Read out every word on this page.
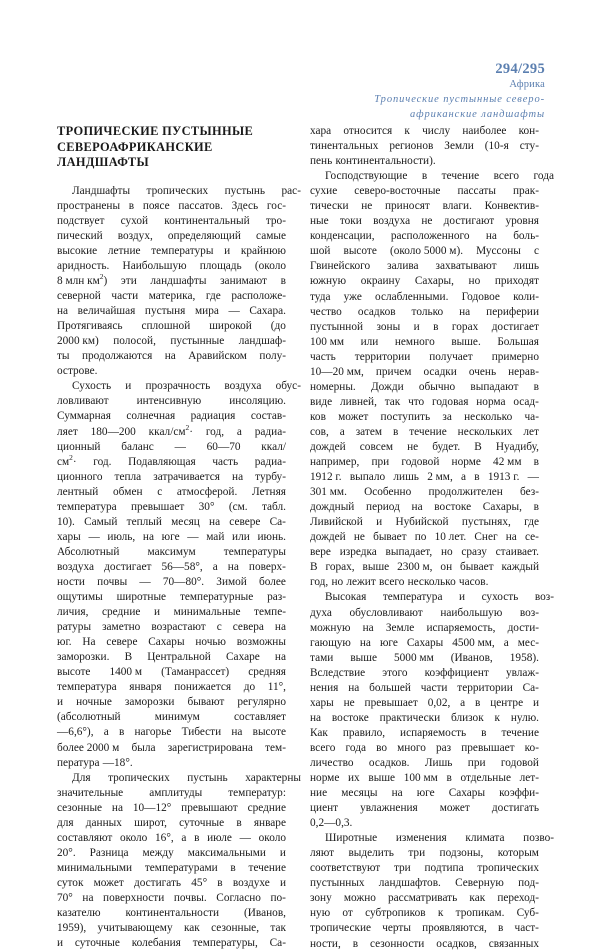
294/295
Африка
Тропические пустынные северо-
африканские ландшафты
ТРОПИЧЕСКИЕ ПУСТЫННЫЕ
СЕВЕРОАФРИКАНСКИЕ
ЛАНДШАФТЫ

Ландшафты тропических пустынь рас-
пространены в поясе пассатов. Здесь гос-
подствует сухой континентальный тро-
пический воздух, определяющий самые
высокие летние температуры и крайнюю
аридность. Наибольшую площадь (около
8 млн $км^2$) эти ландшафты занимают в
северной части материка, где расположе-
на величайшая пустыня мира — Сахара.
Протягиваясь сплошной широкой (до
2000 км) полосой, пустынные ландшаф-
ты продолжаются на Аравийском полу-
острове.

Сухость и прозрачность воздуха обус-
ловливают интенсивную инсоляцию.
Суммарная солнечная радиация состав-
ляет 180—200 ккал/$см^2\cdot$ год, а радиа-
ционный баланс — 60—70 ккал/
$см^2\cdot$ год. Подавляющая часть радиа-
ционного тепла затрачивается на турбу-
лентный обмен с атмосферой. Летняя
температура превышает 30° (см. табл.
10). Самый теплый месяц на севере Са-
хары — июль, на юге — май или июнь.
Абсолютный максимум температуры
воздуха достигает 56—58°, а на поверх-
ности почвы — 70—80°. Зимой более
ощутимы широтные температурные раз-
личия, средние и минимальные темпе-
ратуры заметно возрастают с севера на
юг. На севере Сахары ночью возможны
заморозки. В Центральной Сахаре на
высоте 1400 м (Таманрассет) средняя
температура января понижается до 11°,
и ночные заморозки бывают регулярно
(абсолютный	минимум	составляет
—6,6°), а в нагорье Тибести на высоте
более 2000 м была зарегистрирована тем-
пература —18°.

Для тропических пустынь характерны
значительные амплитуды температур:
сезонные на 10—12° превышают средние
для данных широт, суточные в январе
составляют около 16°, а в июле — около
20°. Разница между максимальными и
минимальными температурами в течение
суток может достигать 45° в воздухе и
70° на поверхности почвы. Согласно по-
казателю континентальности (Иванов,
1959), учитывающему как сезонные, так
и суточные колебания температуры, Са-

хара относится к числу наиболее кон-
тинентальных регионов Земли (10-я сту-
пень континентальности).

Господствующие в течение всего года
сухие северо-восточные пассаты прак-
тически не приносят влаги. Конвектив-
ные токи воздуха не достигают уровня
конденсации, расположенного на боль-
шой высоте (около 5000 м). Муссоны с
Гвинейского залива захватывают лишь
южную окраину Сахары, но приходят
туда уже ослабленными. Годовое коли-
чество осадков только на периферии
пустынной зоны и в горах достигает
100 мм или немного выше. Большая
часть территории получает примерно
10—20 мм, причем осадки очень нерав-
номерны. Дожди обычно выпадают в
виде ливней, так что годовая норма осад-
ков может поступить за несколько ча-
сов, а затем в течение нескольких лет
дождей совсем не будет. В Нуадибу,
например, при годовой норме 42 мм в
1912 г. выпало лишь 2 мм, а в 1913 г. —
301 мм. Особенно продолжителен без-
дождный период на востоке Сахары, в
Ливийской и Нубийской пустынях, где
дождей не бывает по 10 лет. Снег на се-
вере изредка выпадает, но сразу стаивает.
В горах, выше 2300 м, он бывает каждый
год, но лежит всего несколько часов.

Высокая температура и сухость воз-
духа обусловливают наибольшую воз-
можную на Земле испаряемость, дости-
гающую на юге Сахары 4500 мм, а мес-
тами выше 5000 мм (Иванов, 1958).
Вследствие этого коэффициент увлаж-
нения на большей части территории Са-
хары не превышает 0,02, а в центре и
на востоке практически близок к нулю.
Как правило, испаряемость в течение
всего года во много раз превышает ко-
личество осадков. Лишь при годовой
норме их выше 100 мм в отдельные лет-
ние месяцы на юге Сахары коэффи-
циент увлажнения может достигать
0,2—0,3.

Широтные изменения климата позво-
ляют выделить три подзоны, которым
соответствуют три подтипа тропических
пустынных ландшафтов. Северную под-
зону можно рассматривать как переход-
ную от субтропиков к тропикам. Суб-
тропические черты проявляются, в част-
ности, в сезонности осадков, связанных
